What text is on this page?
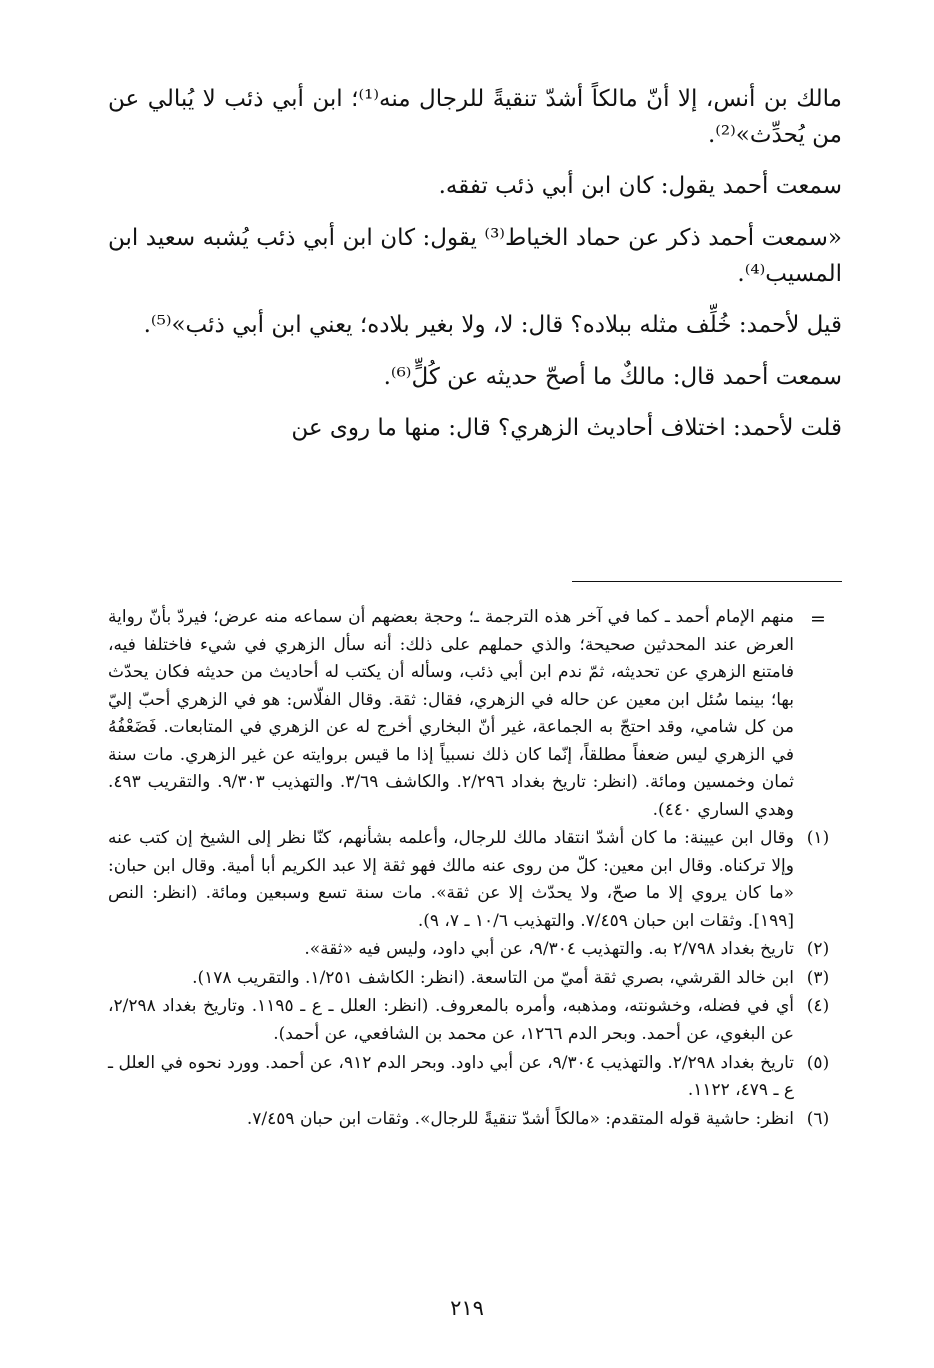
مالك بن أنس، إلا أنّ مالكاً أشدّ تنقيةً للرجال منه⁽¹⁾؛ ابن أبي ذئب لا يُبالي عن من يُحدِّث»⁽²⁾.

سمعت أحمد يقول: كان ابن أبي ذئب تفقه.

«سمعت أحمد ذكر عن حماد الخياط⁽³⁾ يقول: كان ابن أبي ذئب يُشبه سعيد ابن المسيب⁽⁴⁾.

قيل لأحمد: خُلِّف مثله ببلاده؟ قال: لا، ولا بغير بلاده؛ يعني ابن أبي ذئب»⁽⁵⁾.

سمعت أحمد قال: مالكٌ ما أصحّ حديثه عن كُلٍّ⁽⁶⁾.

قلت لأحمد: اختلاف أحاديث الزهري؟ قال: منها ما روى عن

=
منهم الإمام أحمد ـ كما في آخر هذه الترجمة ـ؛ وحجة بعضهم أن سماعه منه عرض؛ فيردّ بأنّ رواية العرض عند المحدثين صحيحة؛ والذي حملهم على ذلك: أنه سأل الزهري في شيء فاختلفا فيه، فامتنع الزهري عن تحديثه، ثمّ ندم ابن أبي ذئب، وسأله أن يكتب له أحاديث من حديثه فكان يحدّث بها؛ بينما سُئل ابن معين عن حاله في الزهري، فقال: ثقة. وقال الفلّاس: هو في الزهري أحبّ إليّ من كل شامي، وقد احتجّ به الجماعة، غير أنّ البخاري أخرج له عن الزهري في المتابعات. فَضَعْفُهُ في الزهري ليس ضعفاً مطلقاً، إنّما كان ذلك نسبياً إذا ما قيس بروايته عن غير الزهري. مات سنة ثمان وخمسين ومائة. (انظر: تاريخ بغداد ٢/٢٩٦. والكاشف ٣/٦٩. والتهذيب ٩/٣٠٣. والتقريب ٤٩٣. وهدي الساري ٤٤٠).
(١)
وقال ابن عيينة: ما كان أشدّ انتقاد مالك للرجال، وأعلمه بشأنهم، كنّا نظر إلى الشيخ إن كتب عنه وإلا تركناه. وقال ابن معين: كلّ من روى عنه مالك فهو ثقة إلا عبد الكريم أبا أمية. وقال ابن حبان: «ما كان يروي إلا ما صحّ، ولا يحدّث إلا عن ثقة». مات سنة تسع وسبعين ومائة. (انظر: النص [١٩٩]. وثقات ابن حبان ٧/٤٥٩. والتهذيب ١٠/٦ ـ ٧، ٩).
(٢)
تاريخ بغداد ٢/٧٩٨ به. والتهذيب ٩/٣٠٤، عن أبي داود، وليس فيه «ثقة».
(٣)
ابن خالد القرشي، بصري ثقة أميّ من التاسعة. (انظر: الكاشف ١/٢٥١. والتقريب ١٧٨).
(٤)
أي في فضله، وخشونته، ومذهبه، وأمره بالمعروف. (انظر: العلل ـ ع ـ ١١٩٥. وتاريخ بغداد ٢/٢٩٨، عن البغوي، عن أحمد. وبحر الدم ١٢٦٦، عن محمد بن الشافعي، عن أحمد).
(٥)
تاريخ بغداد ٢/٢٩٨. والتهذيب ٩/٣٠٤، عن أبي داود. وبحر الدم ٩١٢، عن أحمد. وورد نحوه في العلل ـ ع ـ ٤٧٩، ١١٢٢.
(٦)
انظر: حاشية قوله المتقدم: «مالكاً أشدّ تنقيةً للرجال». وثقات ابن حبان ٧/٤٥٩.
٢١٩
